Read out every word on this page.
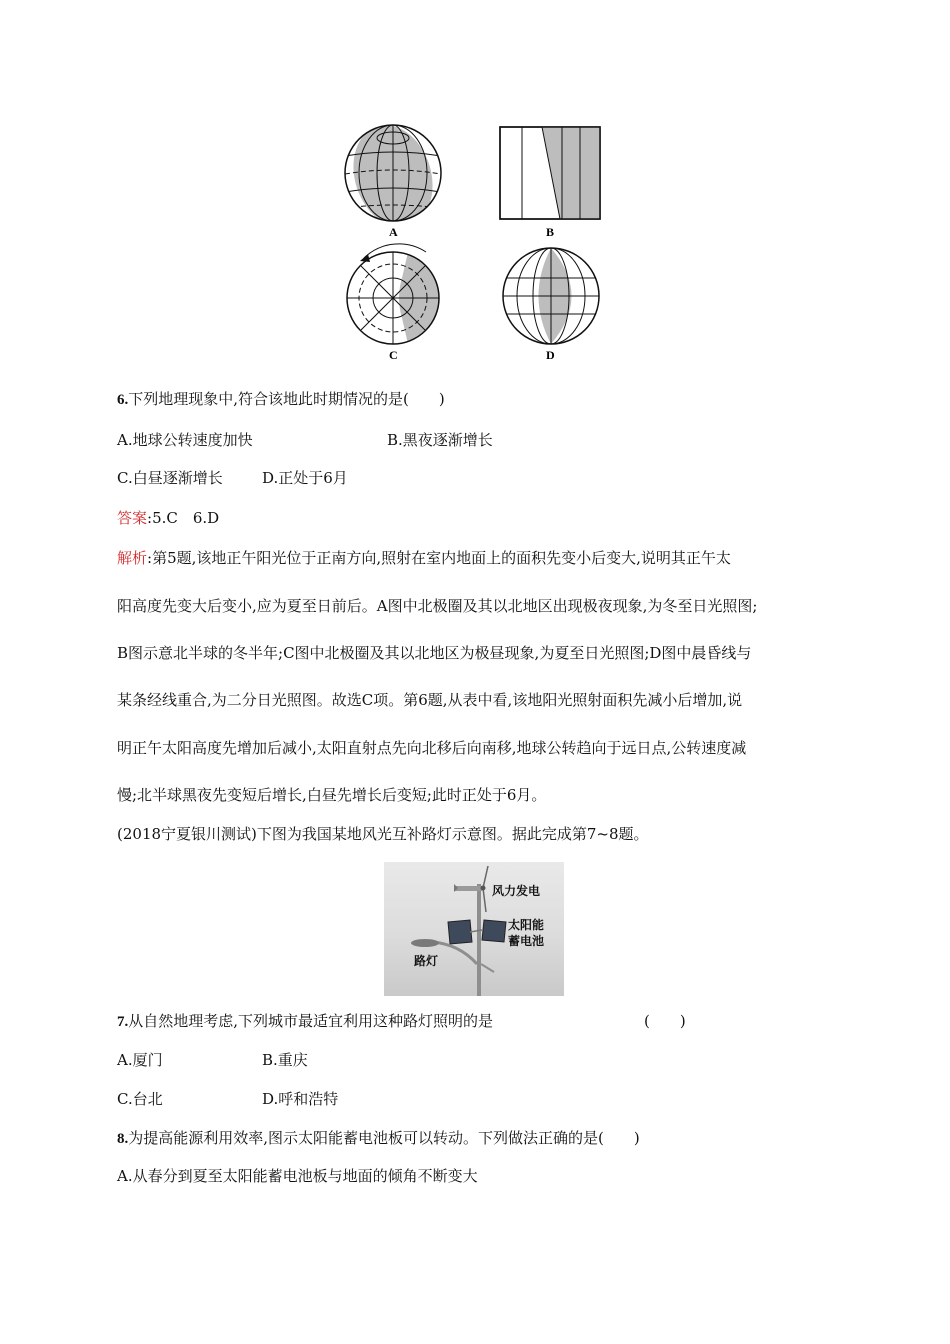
A	B
C	D
6.下列地理现象中,符合该地此时期情况的是(　　)
A.地球公转速度加快	B.黑夜逐渐增长
C.白昼逐渐增长	D.正处于6月
答案:5.C　6.D
解析:第5题,该地正午阳光位于正南方向,照射在室内地面上的面积先变小后变大,说明其正午太
阳高度先变大后变小,应为夏至日前后。A图中北极圈及其以北地区出现极夜现象,为冬至日光照图;
B图示意北半球的冬半年;C图中北极圈及其以北地区为极昼现象,为夏至日光照图;D图中晨昏线与
某条经线重合,为二分日光照图。故选C项。第6题,从表中看,该地阳光照射面积先减小后增加,说
明正午太阳高度先增加后减小,太阳直射点先向北移后向南移,地球公转趋向于远日点,公转速度减
慢;北半球黑夜先变短后增长,白昼先增长后变短;此时正处于6月。
(2018宁夏银川测试)下图为我国某地风光互补路灯示意图。据此完成第7~8题。
风力发电
太阳能
蓄电池
路灯
7.从自然地理考虑,下列城市最适宜利用这种路灯照明的是	(　　)
A.厦门	B.重庆
C.台北	D.呼和浩特
8.为提高能源利用效率,图示太阳能蓄电池板可以转动。下列做法正确的是(　　)
A.从春分到夏至太阳能蓄电池板与地面的倾角不断变大
